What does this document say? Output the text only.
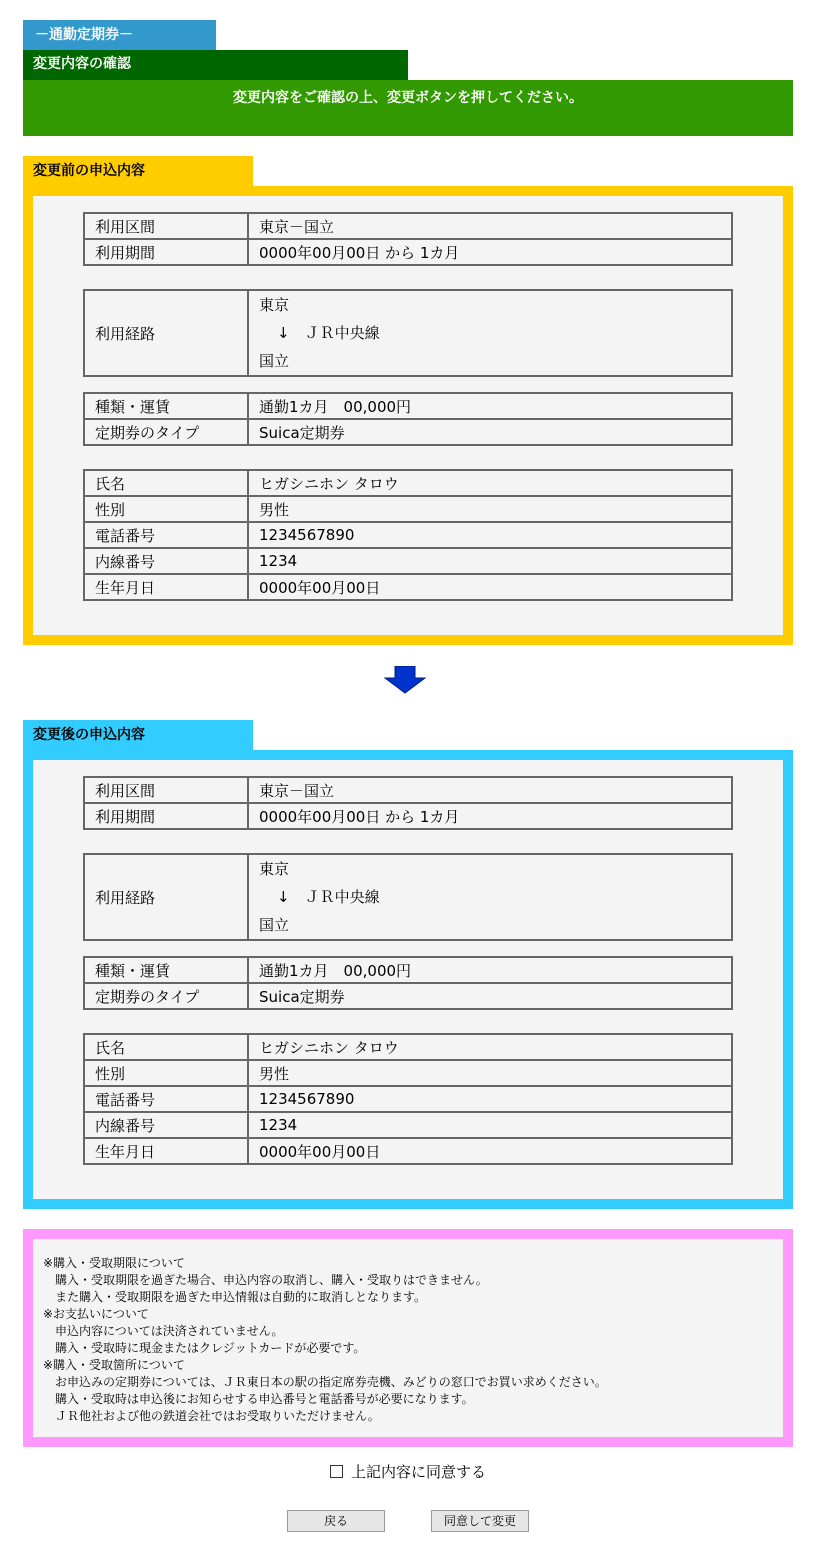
－通勤定期券－
変更内容の確認
変更内容をご確認の上、変更ボタンを押してください。
変更前の申込内容
利用区間	東京－国立
利用期間	0000年00月00日 から 1カ月
利用経路	
東京
↓　ＪＲ中央線
国立
種類・運賃	通勤1カ月　00,000円
定期券のタイプ	Suica定期券
氏名	ヒガシニホン タロウ
性別	男性
電話番号	1234567890
内線番号	1234
生年月日	0000年00月00日
変更後の申込内容
利用区間	東京－国立
利用期間	0000年00月00日 から 1カ月
利用経路	
東京
↓　ＪＲ中央線
国立
種類・運賃	通勤1カ月　00,000円
定期券のタイプ	Suica定期券
氏名	ヒガシニホン タロウ
性別	男性
電話番号	1234567890
内線番号	1234
生年月日	0000年00月00日
※購入・受取期限について
　購入・受取期限を過ぎた場合、申込内容の取消し、購入・受取りはできません。
　また購入・受取期限を過ぎた申込情報は自動的に取消しとなります。
※お支払いについて
　申込内容については決済されていません。
　購入・受取時に現金またはクレジットカードが必要です。
※購入・受取箇所について
　お申込みの定期券については、ＪＲ東日本の駅の指定席券売機、みどりの窓口でお買い求めください。
　購入・受取時は申込後にお知らせする申込番号と電話番号が必要になります。
　ＪＲ他社および他の鉄道会社ではお受取りいただけません。
上記内容に同意する
戻る	同意して変更
